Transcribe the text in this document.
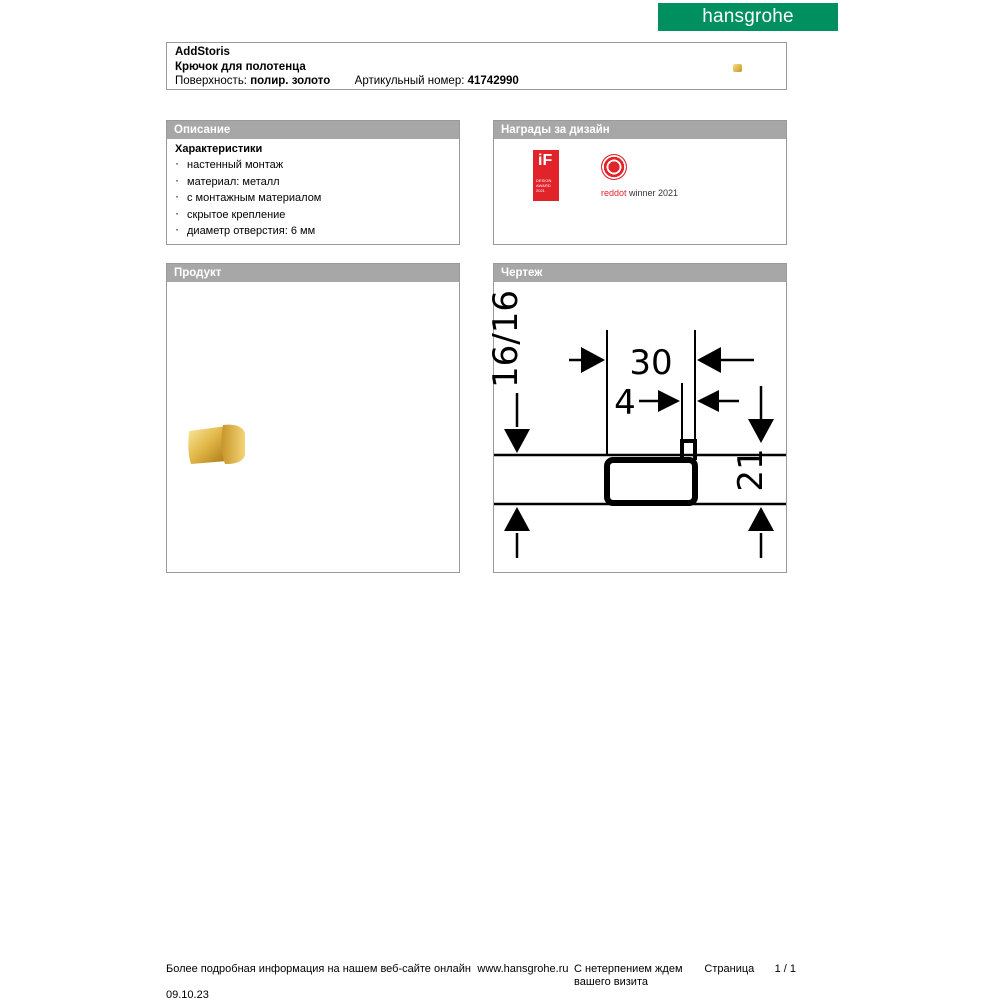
hansgrohe
AddStoris
Крючок для полотенца
Поверхность: полир. золото Артикульный номер: 41742990
Описание
Характеристики
· настенный монтаж
· материал: металл
· с монтажным материалом
· скрытое крепление
· диаметр отверстия: 6 мм
Награды за дизайн
iF
DESIGN AWARD 2021	reddot winner 2021
Продукт	Чертеж
16/16	30
4
21
Более подробная информация на нашем веб-сайте онлайн www.hansgrohe.ru С нетерпением ждем вашего визита
Страница 1 / 1
09.10.23
